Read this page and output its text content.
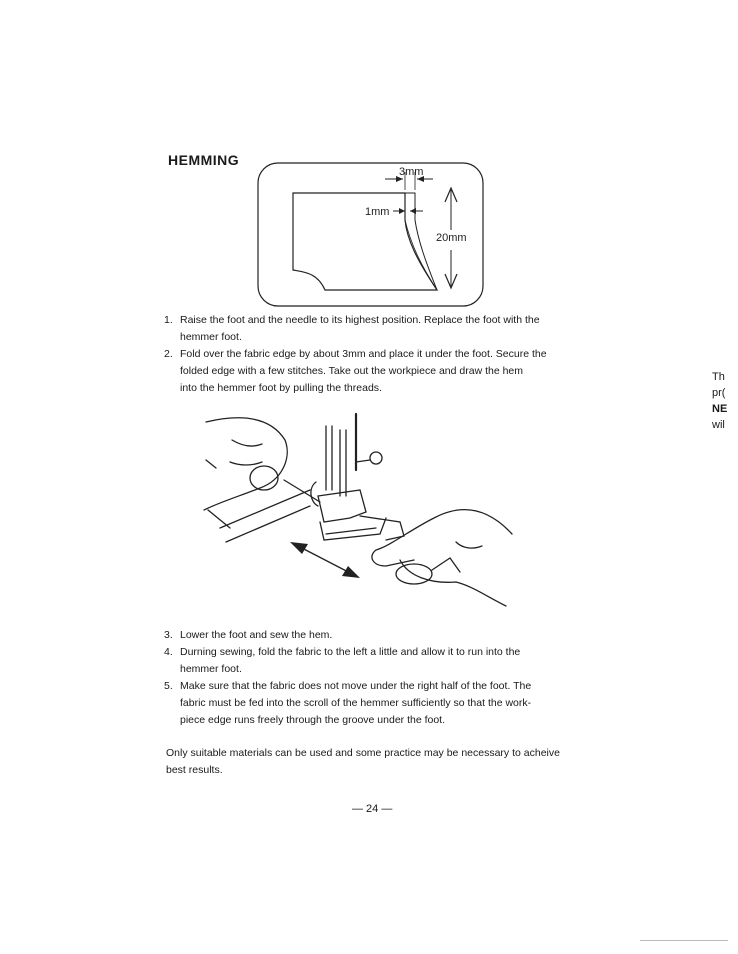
HEMMING
3mm
1mm
20mm
1. Raise the foot and the needle to its highest position. Replace the foot with the
hemmer foot.
2. Fold over the fabric edge by about 3mm and place it under the foot. Secure the
folded edge with a few stitches. Take out the workpiece and draw the hem
into the hemmer foot by pulling the threads.
3. Lower the foot and sew the hem.
4. Durning sewing, fold the fabric to the left a little and allow it to run into the
hemmer foot.
5. Make sure that the fabric does not move under the right half of the foot. The
fabric must be fed into the scroll of the hemmer sufficiently so that the work-
piece edge runs freely through the groove under the foot.
Only suitable materials can be used and some practice may be necessary to acheive
best results.
— 24 —
Th
pr(
NE
wil
